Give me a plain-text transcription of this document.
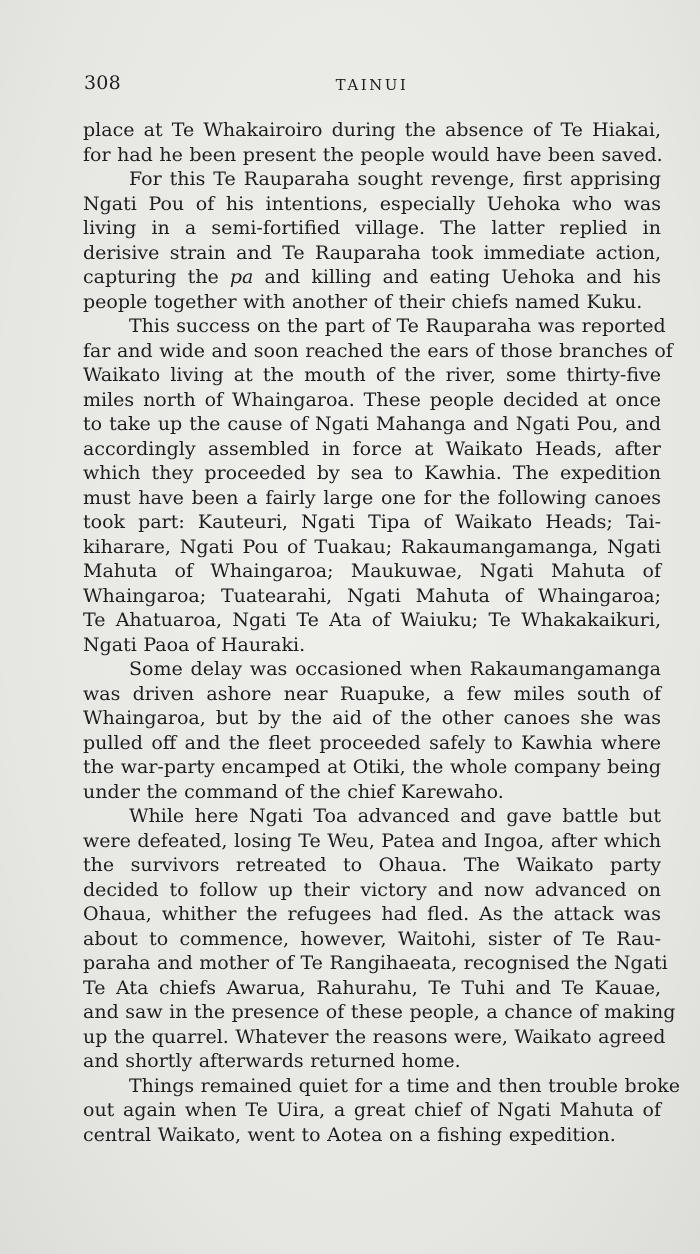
308	TAINUI
place at Te Whakairoiro during the absence of Te Hiakai,
for had he been present the people would have been saved.
For this Te Rauparaha sought revenge, first apprising
Ngati Pou of his intentions, especially Uehoka who was
living in a semi-fortified village. The latter replied in
derisive strain and Te Rauparaha took immediate action,
capturing the pa and killing and eating Uehoka and his
people together with another of their chiefs named Kuku.
This success on the part of Te Rauparaha was reported
far and wide and soon reached the ears of those branches of
Waikato living at the mouth of the river, some thirty-five
miles north of Whaingaroa. These people decided at once
to take up the cause of Ngati Mahanga and Ngati Pou, and
accordingly assembled in force at Waikato Heads, after
which they proceeded by sea to Kawhia. The expedition
must have been a fairly large one for the following canoes
took part: Kauteuri, Ngati Tipa of Waikato Heads; Tai-
kiharare, Ngati Pou of Tuakau; Rakaumangamanga, Ngati
Mahuta of Whaingaroa; Maukuwae, Ngati Mahuta of
Whaingaroa; Tuatearahi, Ngati Mahuta of Whaingaroa;
Te Ahatuaroa, Ngati Te Ata of Waiuku; Te Whakakaikuri,
Ngati Paoa of Hauraki.
Some delay was occasioned when Rakaumangamanga
was driven ashore near Ruapuke, a few miles south of
Whaingaroa, but by the aid of the other canoes she was
pulled off and the fleet proceeded safely to Kawhia where
the war-party encamped at Otiki, the whole company being
under the command of the chief Karewaho.
While here Ngati Toa advanced and gave battle but
were defeated, losing Te Weu, Patea and Ingoa, after which
the survivors retreated to Ohaua. The Waikato party
decided to follow up their victory and now advanced on
Ohaua, whither the refugees had fled. As the attack was
about to commence, however, Waitohi, sister of Te Rau-
paraha and mother of Te Rangihaeata, recognised the Ngati
Te Ata chiefs Awarua, Rahurahu, Te Tuhi and Te Kauae,
and saw in the presence of these people, a chance of making
up the quarrel. Whatever the reasons were, Waikato agreed
and shortly afterwards returned home.
Things remained quiet for a time and then trouble broke
out again when Te Uira, a great chief of Ngati Mahuta of
central Waikato, went to Aotea on a fishing expedition.
